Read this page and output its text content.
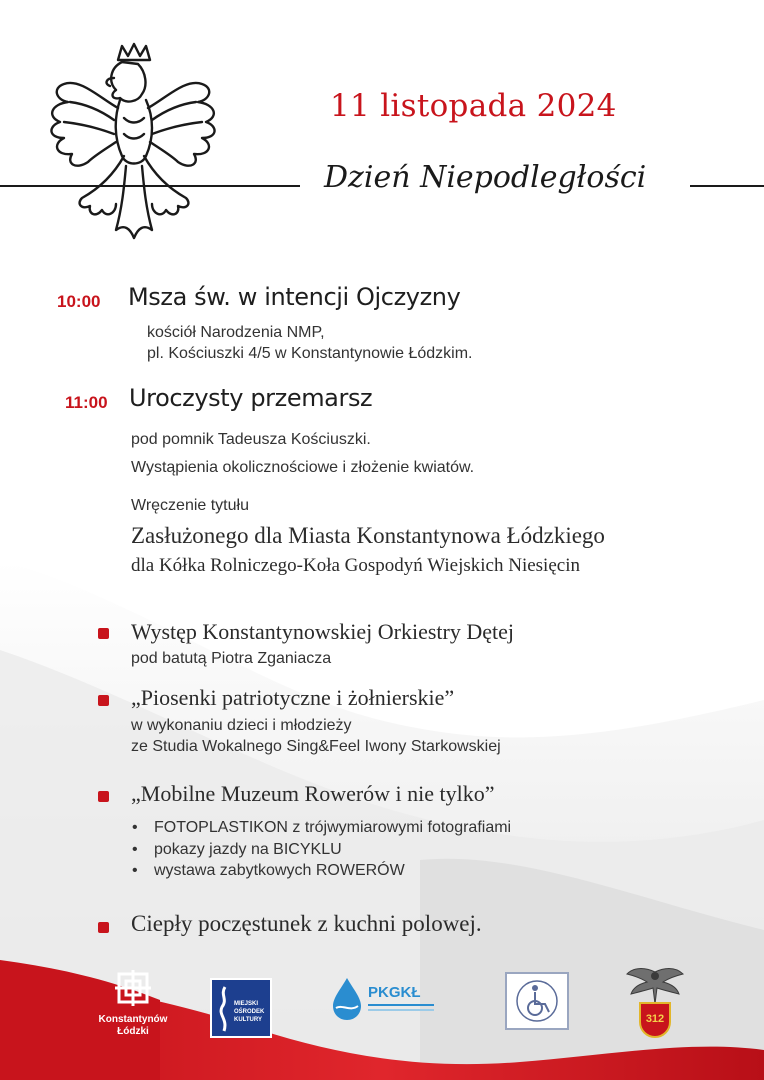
11 listopada 2024
Dzień Niepodległości
10:00 Msza św. w intencji Ojczyzny
kościół Narodzenia NMP,
pl. Kościuszki 4/5 w Konstantynowie Łódzkim.
11:00 Uroczysty przemarsz
pod pomnik Tadeusza Kościuszki.
Wystąpienia okolicznościowe i złożenie kwiatów.
Wręczenie tytułu
Zasłużonego dla Miasta Konstantynowa Łódzkiego
dla Kółka Rolniczego-Koła Gospodyń Wiejskich Niesięcin
Występ Konstantynowskiej Orkiestry Dętej
pod batutą Piotra Zganiacza
„Piosenki patriotyczne i żołnierskie”
w wykonaniu dzieci i młodzieży
ze Studia Wokalnego Sing&Feel Iwony Starkowskiej
„Mobilne Muzeum Rowerów i nie tylko”
• FOTOPLASTIKON z trójwymiarowymi fotografiami
• pokazy jazdy na BICYKLU
• wystawa zabytkowych ROWERÓW
Ciepły poczęstunek z kuchni polowej.
Konstantynów
Łódzki
MIEJSKI OŚRODEK KULTURY
PKGKŁ
312
